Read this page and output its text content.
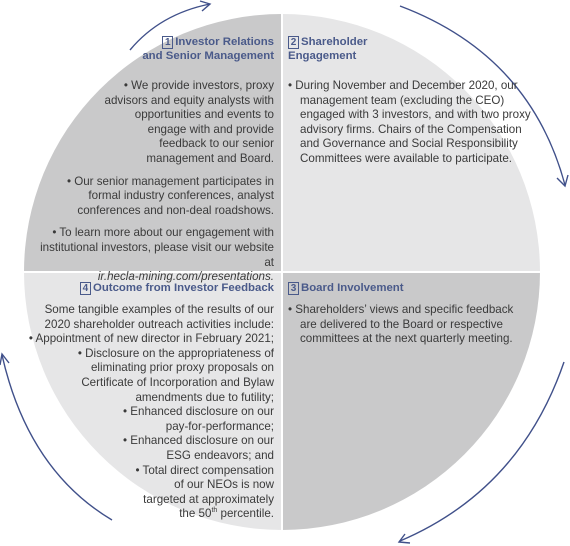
1 Investor Relations
and Senior Management

• We provide investors, proxy advisors and equity analysts with opportunities and events to engage with and provide feedback to our senior management and Board.

• Our senior management participates in formal industry conferences, analyst conferences and non-deal roadshows.

• To learn more about our engagement with institutional investors, please visit our website at
ir.hecla-mining.com/presentations.

2 Shareholder
Engagement

• During November and December 2020, our management team (excluding the CEO) engaged with 3 investors, and with two proxy advisory firms. Chairs of the Compensation and Governance and Social Responsibility Committees were available to participate.

3 Board Involvement

• Shareholders’ views and specific feedback are delivered to the Board or respective committees at the next quarterly meeting.

4 Outcome from Investor Feedback

Some tangible examples of the results of our 2020 shareholder outreach activities include:

• Appointment of new director in February 2021;

• Disclosure on the appropriateness of eliminating prior proxy proposals on Certificate of Incorporation and Bylaw amendments due to futility;

• Enhanced disclosure on our pay-for-performance;

• Enhanced disclosure on our ESG endeavors; and

• Total direct compensation of our NEOs is now targeted at approximately the 50th percentile.
